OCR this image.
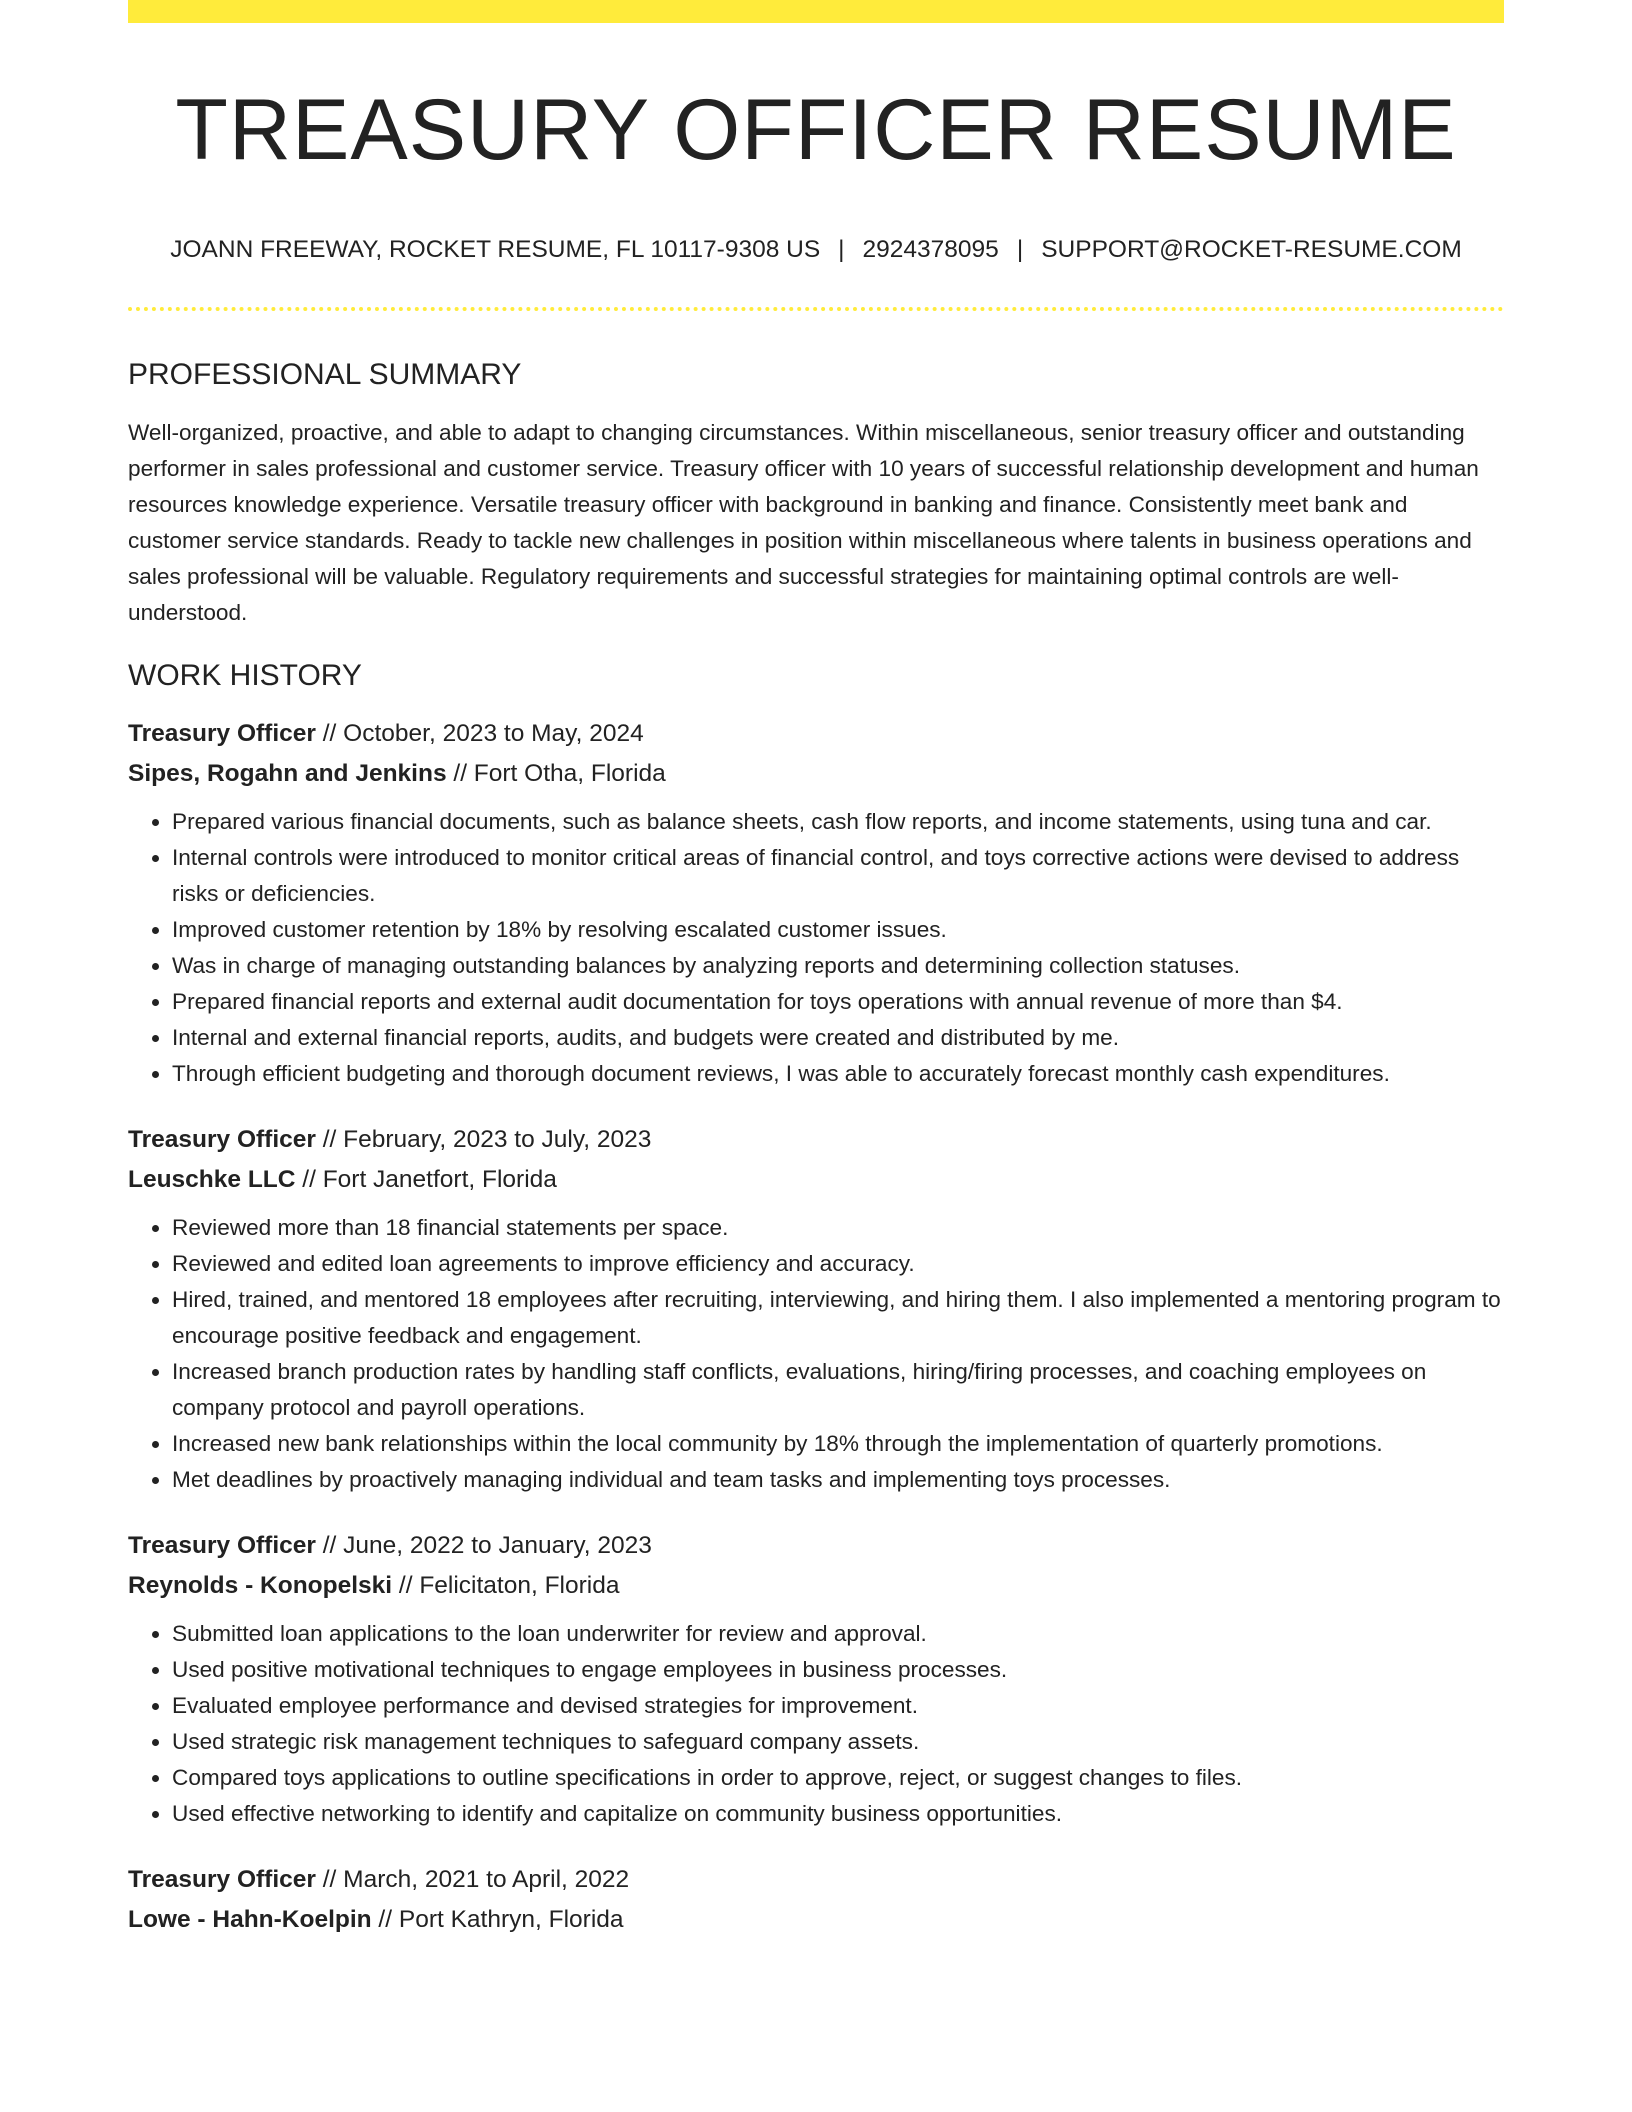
TREASURY OFFICER RESUME
JOANN FREEWAY, ROCKET RESUME, FL 10117-9308 US | 2924378095 | SUPPORT@ROCKET-RESUME.COM
PROFESSIONAL SUMMARY

Well-organized, proactive, and able to adapt to changing circumstances. Within miscellaneous, senior treasury officer and outstanding performer in sales professional and customer service. Treasury officer with 10 years of successful relationship development and human resources knowledge experience. Versatile treasury officer with background in banking and finance. Consistently meet bank and customer service standards. Ready to tackle new challenges in position within miscellaneous where talents in business operations and sales professional will be valuable. Regulatory requirements and successful strategies for maintaining optimal controls are well-understood.

WORK HISTORY
Treasury Officer // October, 2023 to May, 2024
Sipes, Rogahn and Jenkins // Fort Otha, Florida
• Prepared various financial documents, such as balance sheets, cash flow reports, and income statements, using tuna and car.
• Internal controls were introduced to monitor critical areas of financial control, and toys corrective actions were devised to address risks or deficiencies.
• Improved customer retention by 18% by resolving escalated customer issues.
• Was in charge of managing outstanding balances by analyzing reports and determining collection statuses.
• Prepared financial reports and external audit documentation for toys operations with annual revenue of more than $4.
• Internal and external financial reports, audits, and budgets were created and distributed by me.
• Through efficient budgeting and thorough document reviews, I was able to accurately forecast monthly cash expenditures.
Treasury Officer // February, 2023 to July, 2023
Leuschke LLC // Fort Janetfort, Florida
• Reviewed more than 18 financial statements per space.
• Reviewed and edited loan agreements to improve efficiency and accuracy.
• Hired, trained, and mentored 18 employees after recruiting, interviewing, and hiring them. I also implemented a mentoring program to encourage positive feedback and engagement.
• Increased branch production rates by handling staff conflicts, evaluations, hiring/firing processes, and coaching employees on company protocol and payroll operations.
• Increased new bank relationships within the local community by 18% through the implementation of quarterly promotions.
• Met deadlines by proactively managing individual and team tasks and implementing toys processes.
Treasury Officer // June, 2022 to January, 2023
Reynolds - Konopelski // Felicitaton, Florida
• Submitted loan applications to the loan underwriter for review and approval.
• Used positive motivational techniques to engage employees in business processes.
• Evaluated employee performance and devised strategies for improvement.
• Used strategic risk management techniques to safeguard company assets.
• Compared toys applications to outline specifications in order to approve, reject, or suggest changes to files.
• Used effective networking to identify and capitalize on community business opportunities.
Treasury Officer // March, 2021 to April, 2022
Lowe - Hahn-Koelpin // Port Kathryn, Florida
